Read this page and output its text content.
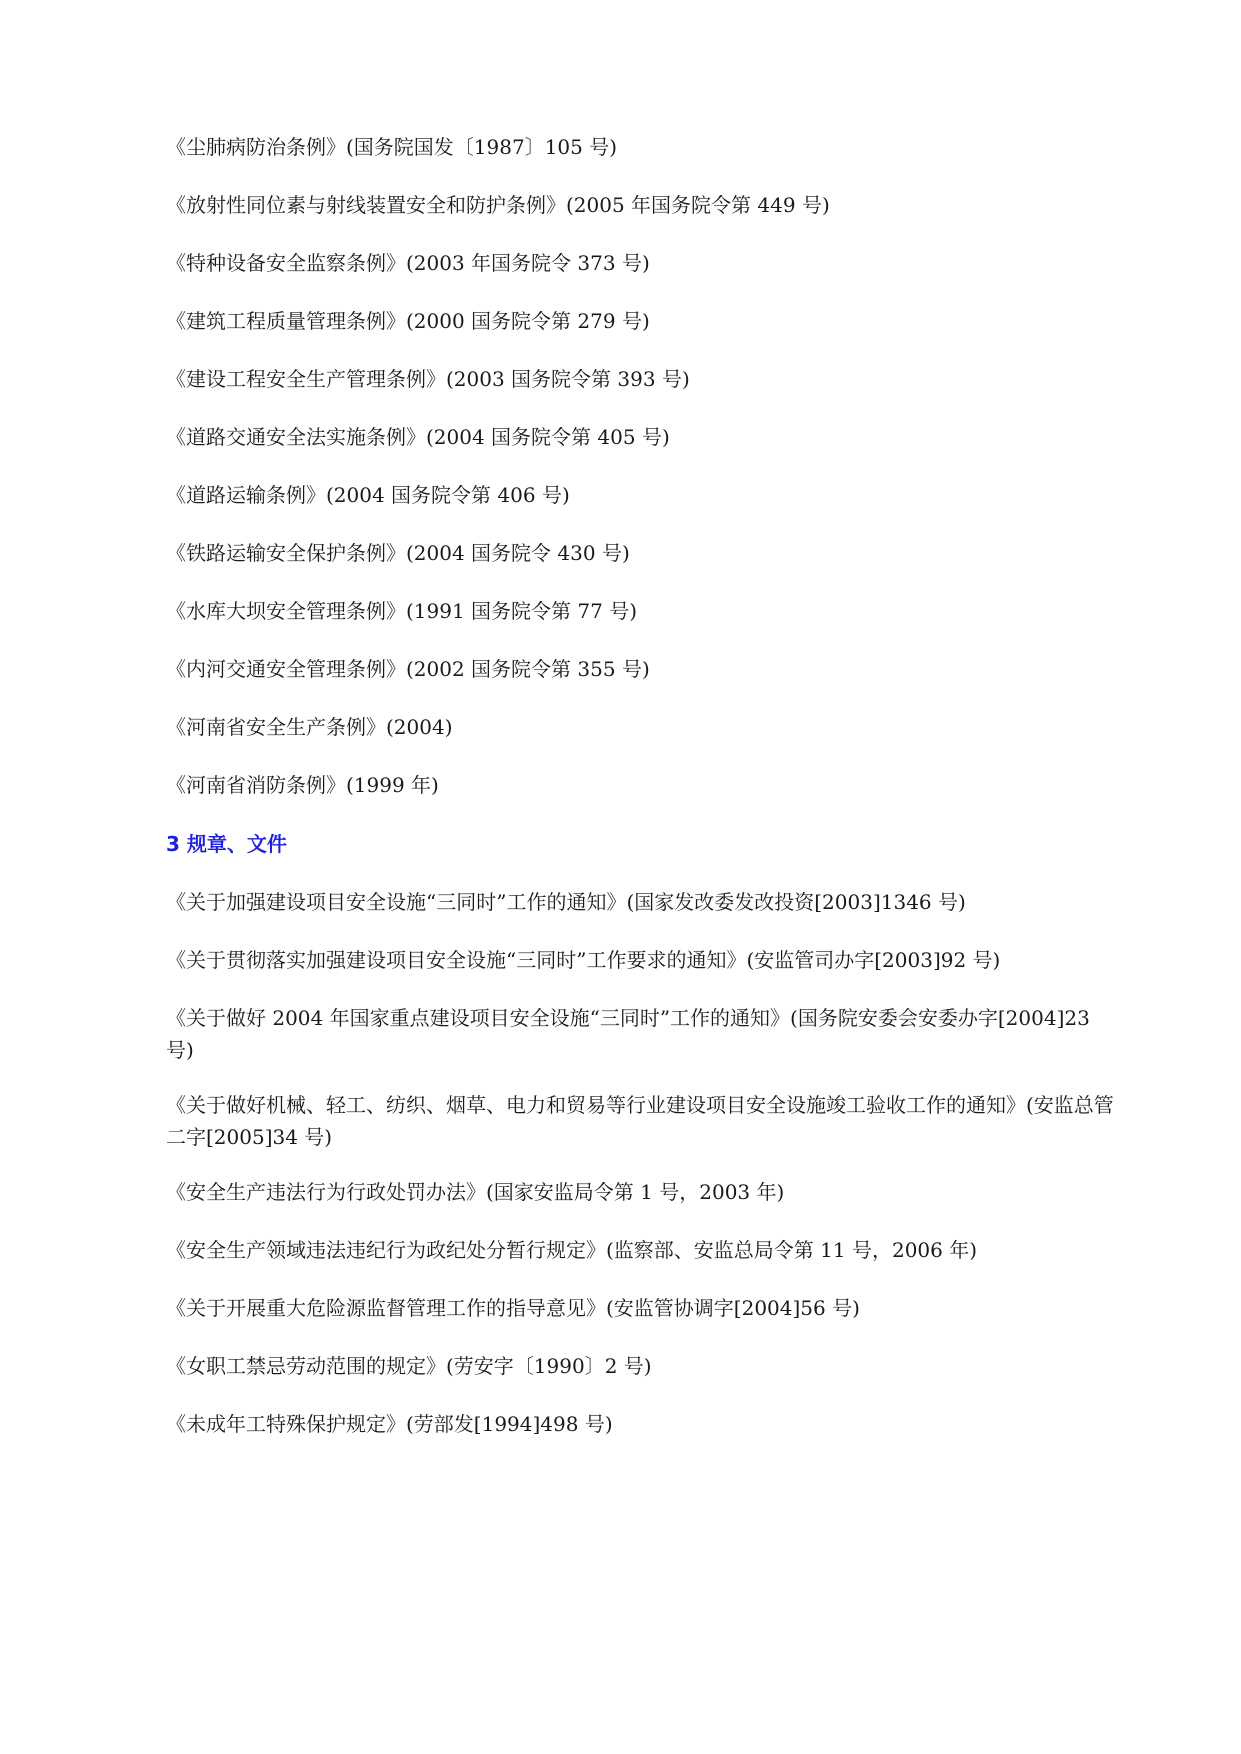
《尘肺病防治条例》(国务院国发〔1987〕105 号)
《放射性同位素与射线装置安全和防护条例》(2005 年国务院令第 449 号)
《特种设备安全监察条例》(2003 年国务院令 373 号)
《建筑工程质量管理条例》(2000 国务院令第 279 号)
《建设工程安全生产管理条例》(2003 国务院令第 393 号)
《道路交通安全法实施条例》(2004 国务院令第 405 号)
《道路运输条例》(2004 国务院令第 406 号)
《铁路运输安全保护条例》(2004 国务院令 430 号)
《水库大坝安全管理条例》(1991 国务院令第 77 号)
《内河交通安全管理条例》(2002 国务院令第 355 号)
《河南省安全生产条例》(2004)
《河南省消防条例》(1999 年)
3 规章、文件
《关于加强建设项目安全设施“三同时”工作的通知》(国家发改委发改投资[2003]1346 号)
《关于贯彻落实加强建设项目安全设施“三同时”工作要求的通知》(安监管司办字[2003]92 号)
《关于做好 2004 年国家重点建设项目安全设施“三同时”工作的通知》(国务院安委会安委办字[2004]23 号)
《关于做好机械、轻工、纺织、烟草、电力和贸易等行业建设项目安全设施竣工验收工作的通知》(安监总管二字[2005]34 号)
《安全生产违法行为行政处罚办法》(国家安监局令第 1 号，2003 年)
《安全生产领域违法违纪行为政纪处分暂行规定》(监察部、安监总局令第 11 号，2006 年)
《关于开展重大危险源监督管理工作的指导意见》(安监管协调字[2004]56 号)
《女职工禁忌劳动范围的规定》(劳安字〔1990〕2 号)
《未成年工特殊保护规定》(劳部发[1994]498 号)
